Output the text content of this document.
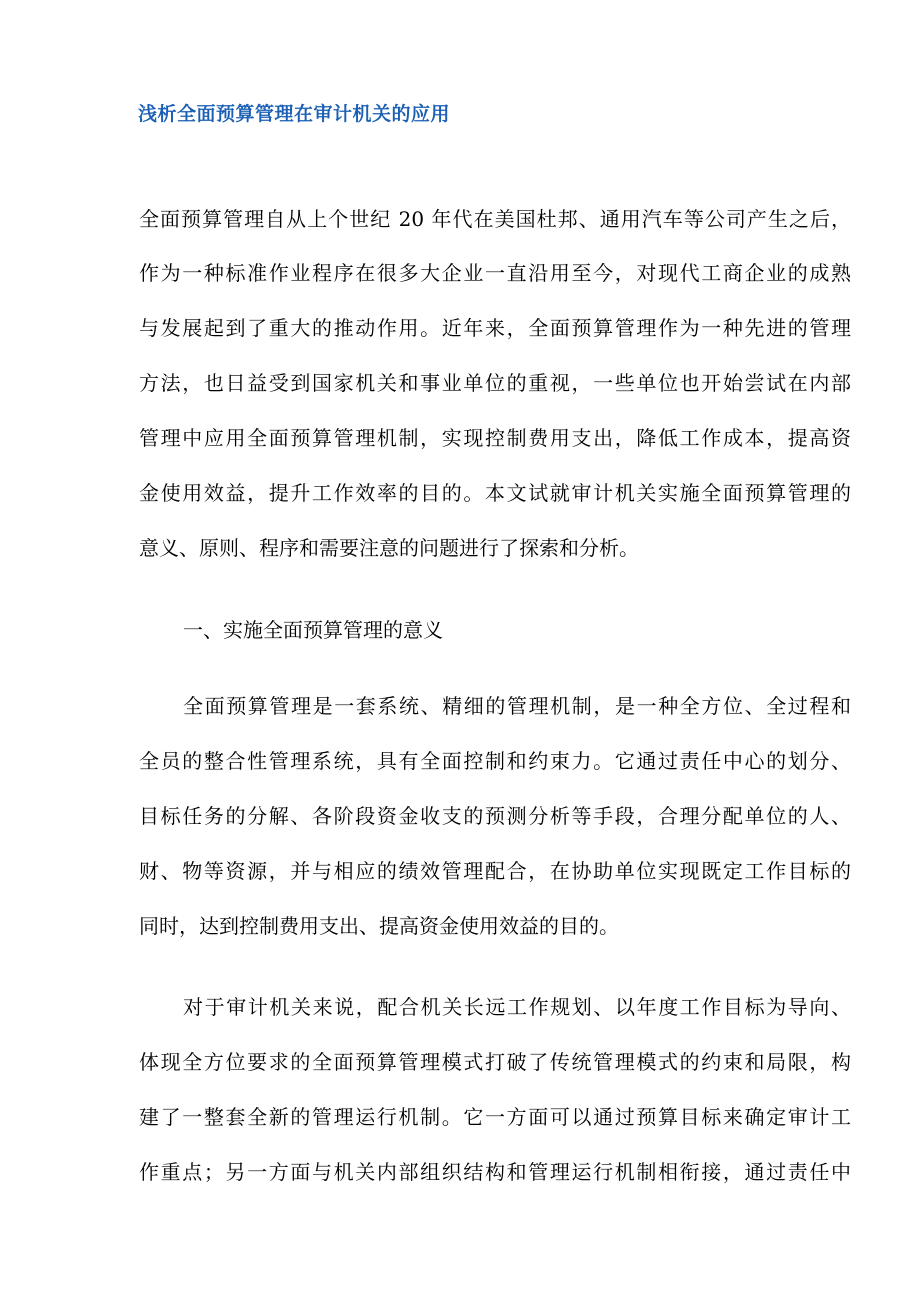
浅析全面预算管理在审计机关的应用
全面预算管理自从上个世纪 20 年代在美国杜邦、通用汽车等公司产生之后，
作为一种标准作业程序在很多大企业一直沿用至今，对现代工商企业的成熟
与发展起到了重大的推动作用。近年来，全面预算管理作为一种先进的管理
方法，也日益受到国家机关和事业单位的重视，一些单位也开始尝试在内部
管理中应用全面预算管理机制，实现控制费用支出，降低工作成本，提高资
金使用效益，提升工作效率的目的。本文试就审计机关实施全面预算管理的
意义、原则、程序和需要注意的问题进行了探索和分析。
一、实施全面预算管理的意义
全面预算管理是一套系统、精细的管理机制，是一种全方位、全过程和
全员的整合性管理系统，具有全面控制和约束力。它通过责任中心的划分、
目标任务的分解、各阶段资金收支的预测分析等手段，合理分配单位的人、
财、物等资源，并与相应的绩效管理配合，在协助单位实现既定工作目标的
同时，达到控制费用支出、提高资金使用效益的目的。
对于审计机关来说，配合机关长远工作规划、以年度工作目标为导向、
体现全方位要求的全面预算管理模式打破了传统管理模式的约束和局限，构
建了一整套全新的管理运行机制。它一方面可以通过预算目标来确定审计工
作重点；另一方面与机关内部组织结构和管理运行机制相衔接，通过责任中
